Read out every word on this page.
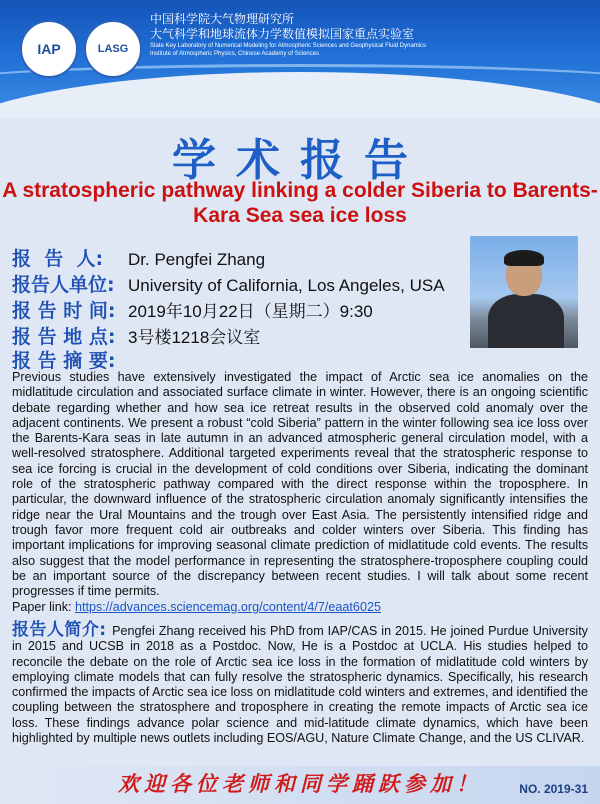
IAP	LASG
中国科学院大气物理研究所
大气科学和地球流体力学数值模拟国家重点实验室
State Key Laboratory of Numerical Modeling for Atmospheric Sciences and Geophysical Fluid Dynamics
Institute of Atmospheric Physics, Chinese Academy of Sciences
学术报告
A stratospheric pathway linking a colder Siberia to Barents-Kara Sea sea ice loss
报  告  人:	Dr. Pengfei Zhang
报告人单位: University of California, Los Angeles, USA
报 告 时 间: 2019年10月22日（星期二）9:30
报 告 地 点: 3号楼1218会议室
报 告 摘 要:
Previous studies have extensively investigated the impact of Arctic sea ice anomalies on the midlatitude circulation and associated surface climate in winter. However, there is an ongoing scientific debate regarding whether and how sea ice retreat results in the observed cold anomaly over the adjacent continents. We present a robust “cold Siberia” pattern in the winter following sea ice loss over the Barents-Kara seas in late autumn in an advanced atmospheric general circulation model, with a well-resolved stratosphere. Additional targeted experiments reveal that the stratospheric response to sea ice forcing is crucial in the development of cold conditions over Siberia, indicating the dominant role of the stratospheric pathway compared with the direct response within the troposphere. In particular, the downward influence of the stratospheric circulation anomaly significantly intensifies the ridge near the Ural Mountains and the trough over East Asia. The persistently intensified ridge and trough favor more frequent cold air outbreaks and colder winters over Siberia. This finding has important implications for improving seasonal climate prediction of midlatitude cold events. The results also suggest that the model performance in representing the stratosphere-troposphere coupling could be an important source of the discrepancy between recent studies. I will talk about some recent progresses if time permits.
Paper link: https://advances.sciencemag.org/content/4/7/eaat6025
报告人简介: Pengfei Zhang received his PhD from IAP/CAS in 2015. He joined Purdue University in 2015 and UCSB in 2018 as a Postdoc. Now, He is a Postdoc at UCLA. His studies helped to reconcile the debate on the role of Arctic sea ice loss in the formation of midlatitude cold winters by employing climate models that can fully resolve the stratospheric dynamics. Specifically, his research confirmed the impacts of Arctic sea ice loss on midlatitude cold winters and extremes, and identified the coupling between the stratosphere and troposphere in creating the remote impacts of Arctic sea ice loss. These findings advance polar science and mid-latitude climate dynamics, which have been highlighted by multiple news outlets including EOS/AGU, Nature Climate Change, and the US CLIVAR.
欢迎各位老师和同学踊跃参加！	NO. 2019-31
